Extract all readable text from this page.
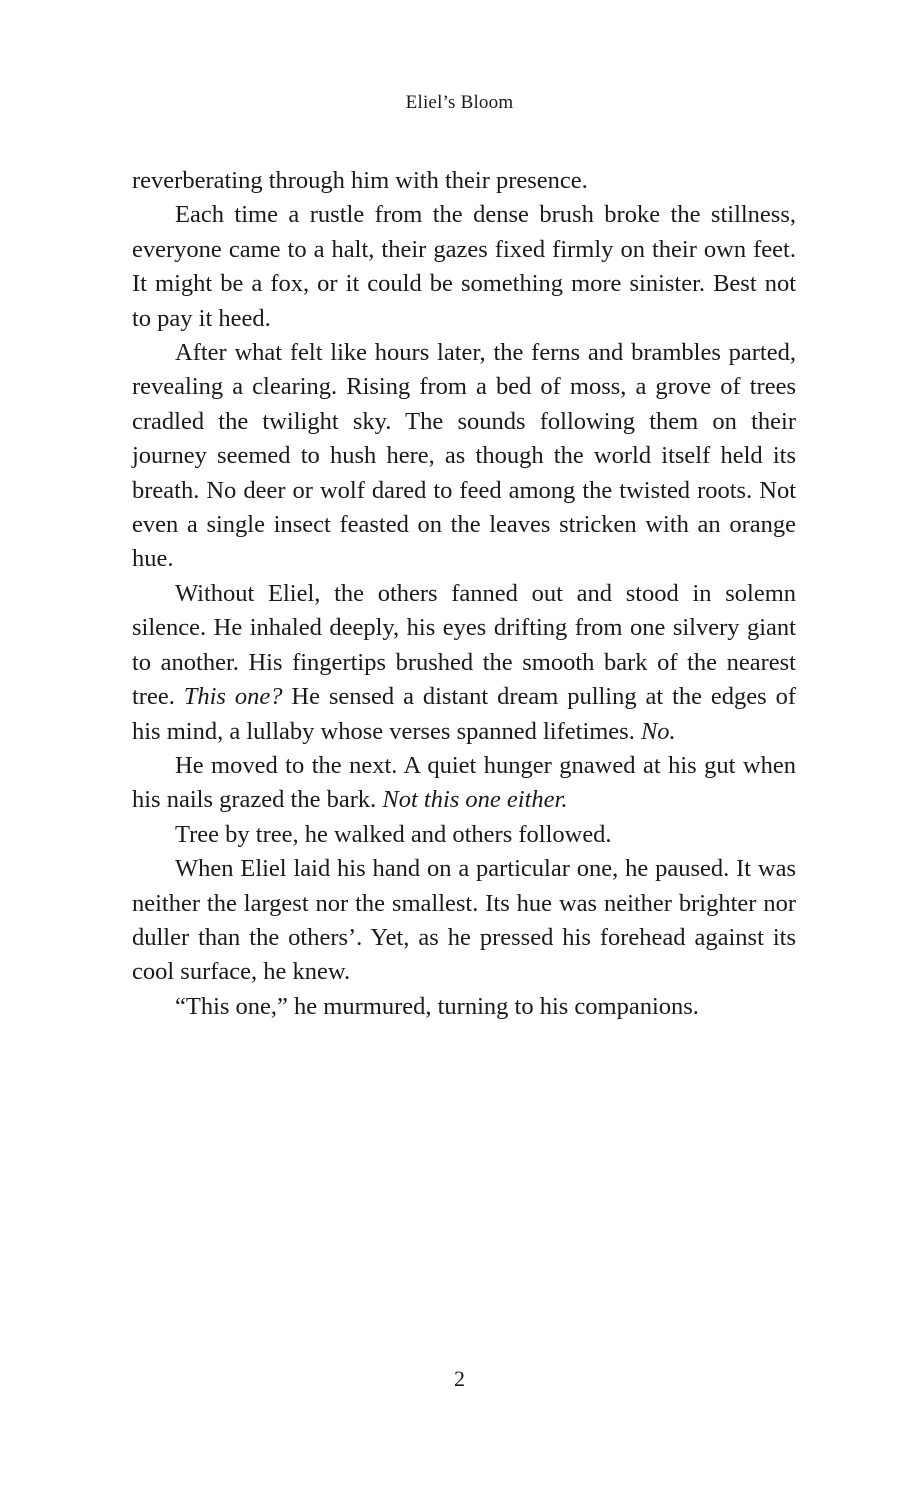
Eliel’s Bloom

reverberating through him with their presence.

Each time a rustle from the dense brush broke the stillness, everyone came to a halt, their gazes fixed firmly on their own feet. It might be a fox, or it could be something more sinister. Best not to pay it heed.

After what felt like hours later, the ferns and brambles parted, revealing a clearing. Rising from a bed of moss, a grove of trees cradled the twilight sky. The sounds following them on their journey seemed to hush here, as though the world itself held its breath. No deer or wolf dared to feed among the twisted roots. Not even a single insect feasted on the leaves stricken with an orange hue.

Without Eliel, the others fanned out and stood in solemn silence. He inhaled deeply, his eyes drifting from one silvery giant to another. His fingertips brushed the smooth bark of the nearest tree. This one? He sensed a distant dream pulling at the edges of his mind, a lullaby whose verses spanned lifetimes. No.

He moved to the next. A quiet hunger gnawed at his gut when his nails grazed the bark. Not this one either.

Tree by tree, he walked and others followed.

When Eliel laid his hand on a particular one, he paused. It was neither the largest nor the smallest. Its hue was neither brighter nor duller than the others’. Yet, as he pressed his forehead against its cool surface, he knew.

“This one,” he murmured, turning to his companions.

2
